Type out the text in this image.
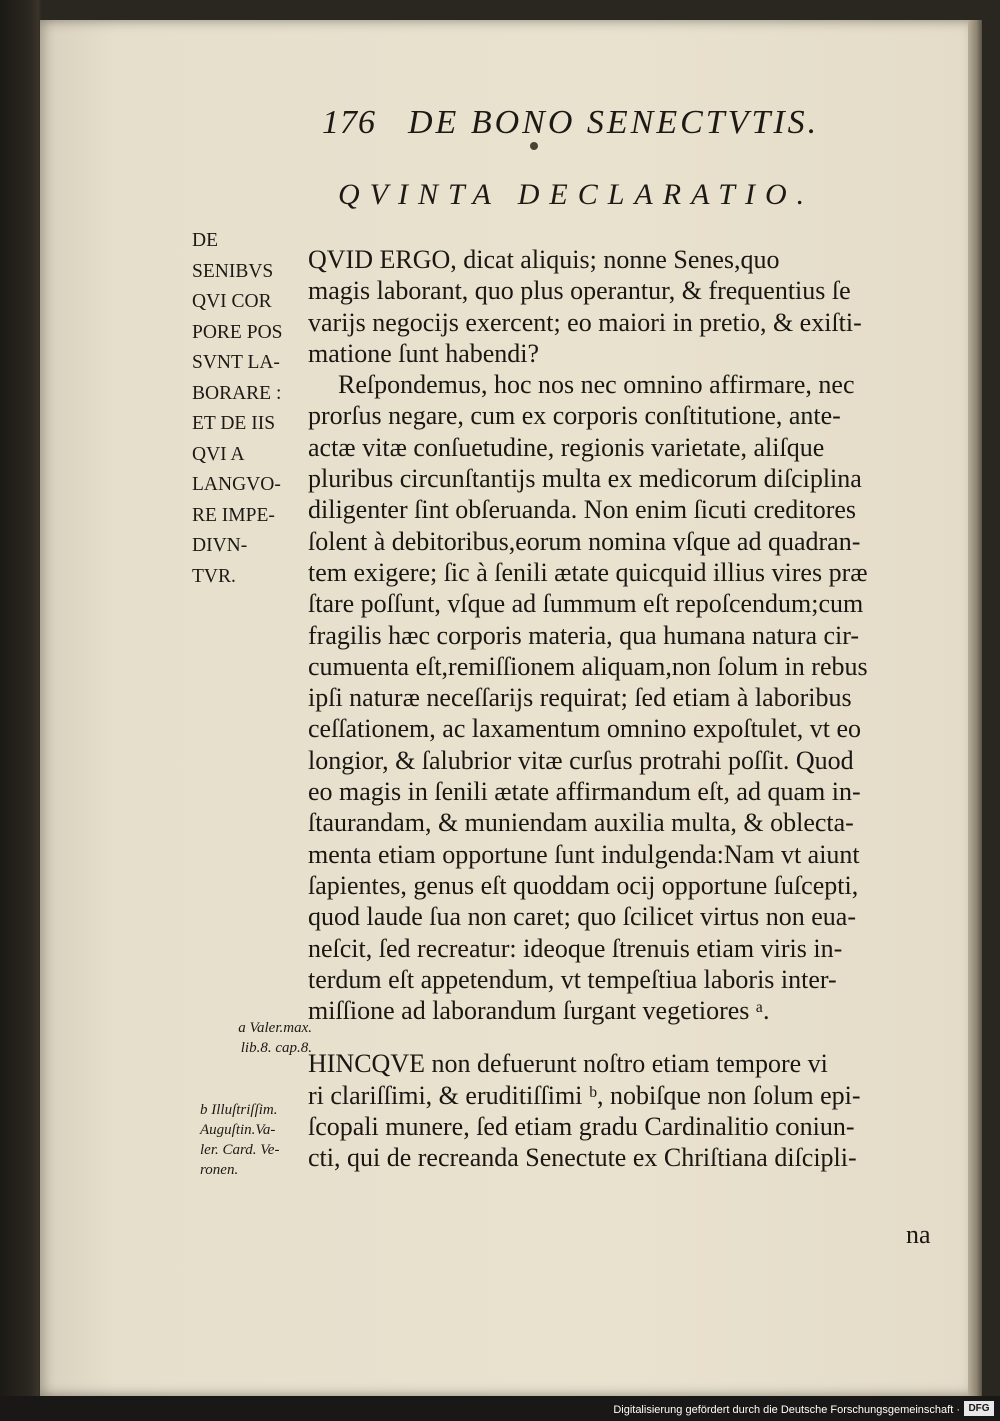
176 DE BONO SENECTVTIS.
QVINTA DECLARATIO.
DE
SENIBVS
QVI COR
PORE POS
SVNT LA-
BORARE :
ET DE IIS
QVI A
LANGVO-
RE IMPE-
DIVN-
TVR.
QVID ERGO, dicat aliquis; nonne Senes,quo
magis laborant, quo plus operantur, & frequentius ſe
varijs negocijs exercent; eo maiori in pretio, & exiſti-
matione ſunt habendi?
Reſpondemus, hoc nos nec omnino affirmare, nec
prorſus negare, cum ex corporis conſtitutione, ante-
actæ vitæ conſuetudine, regionis varietate, aliſque
pluribus circunſtantijs multa ex medicorum diſciplina
diligenter ſint obſeruanda. Non enim ſicuti creditores
ſolent à debitoribus,eorum nomina vſque ad quadran-
tem exigere; ſic à ſenili ætate quicquid illius vires præ
ſtare poſſunt, vſque ad ſummum eſt repoſcendum;cum
fragilis hæc corporis materia, qua humana natura cir-
cumuenta eſt,remiſſionem aliquam,non ſolum in rebus
ipſi naturæ neceſſarijs requirat; ſed etiam à laboribus
ceſſationem, ac laxamentum omnino expoſtulet, vt eo
longior, & ſalubrior vitæ curſus protrahi poſſit. Quod
eo magis in ſenili ætate affirmandum eſt, ad quam in-
ſtaurandam, & muniendam auxilia multa, & oblecta-
menta etiam opportune ſunt indulgenda:Nam vt aiunt
ſapientes, genus eſt quoddam ocij opportune ſuſcepti,
quod laude ſua non caret; quo ſcilicet virtus non eua-
neſcit, ſed recreatur: ideoque ſtrenuis etiam viris in-
terdum eſt appetendum, vt tempeſtiua laboris inter-
miſſione ad laborandum ſurgant vegetiores ᵃ.
HINCQVE non defuerunt noſtro etiam tempore vi
ri clariſſimi, & eruditiſſimi ᵇ, nobiſque non ſolum epi-
ſcopali munere, ſed etiam gradu Cardinalitio coniun-
cti, qui de recreanda Senectute ex Chriſtiana diſcipli-
na
a Valer.max.
lib.8. cap.8.
b Illuſtriſſim.
Auguſtin.Va-
ler. Card. Ve-
ronen.
Digitalisierung gefördert durch die Deutsche Forschungsgemeinschaft · DFG
